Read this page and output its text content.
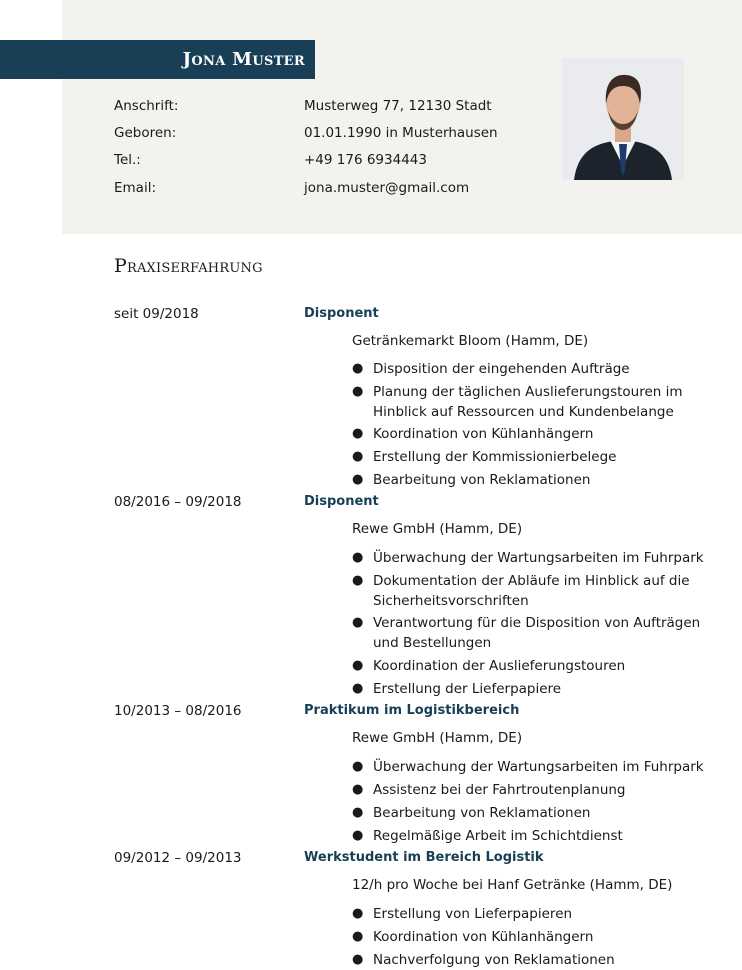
Jona Muster
Anschrift:	Musterweg 77, 12130 Stadt
Geboren:	01.01.1990 in Musterhausen
Tel.:	+49 176 6934443
Email:	jona.muster@gmail.com
Praxiserfahrung
seit 09/2018	Disponent
Getränkemarkt Bloom (Hamm, DE)
● Disposition der eingehenden Aufträge
● Planung der täglichen Auslieferungstouren im Hinblick auf Ressourcen und Kundenbelange
● Koordination von Kühlanhängern
● Erstellung der Kommissionierbelege
● Bearbeitung von Reklamationen
08/2016 – 09/2018	Disponent
Rewe GmbH (Hamm, DE)
● Überwachung der Wartungsarbeiten im Fuhrpark
● Dokumentation der Abläufe im Hinblick auf die Sicherheitsvorschriften
● Verantwortung für die Disposition von Aufträgen und Bestellungen
● Koordination der Auslieferungstouren
● Erstellung der Lieferpapiere
10/2013 – 08/2016	Praktikum im Logistikbereich
Rewe GmbH (Hamm, DE)
● Überwachung der Wartungsarbeiten im Fuhrpark
● Assistenz bei der Fahrtroutenplanung
● Bearbeitung von Reklamationen
● Regelmäßige Arbeit im Schichtdienst
09/2012 – 09/2013	Werkstudent im Bereich Logistik
12/h pro Woche bei Hanf Getränke (Hamm, DE)
● Erstellung von Lieferpapieren
● Koordination von Kühlanhängern
● Nachverfolgung von Reklamationen
